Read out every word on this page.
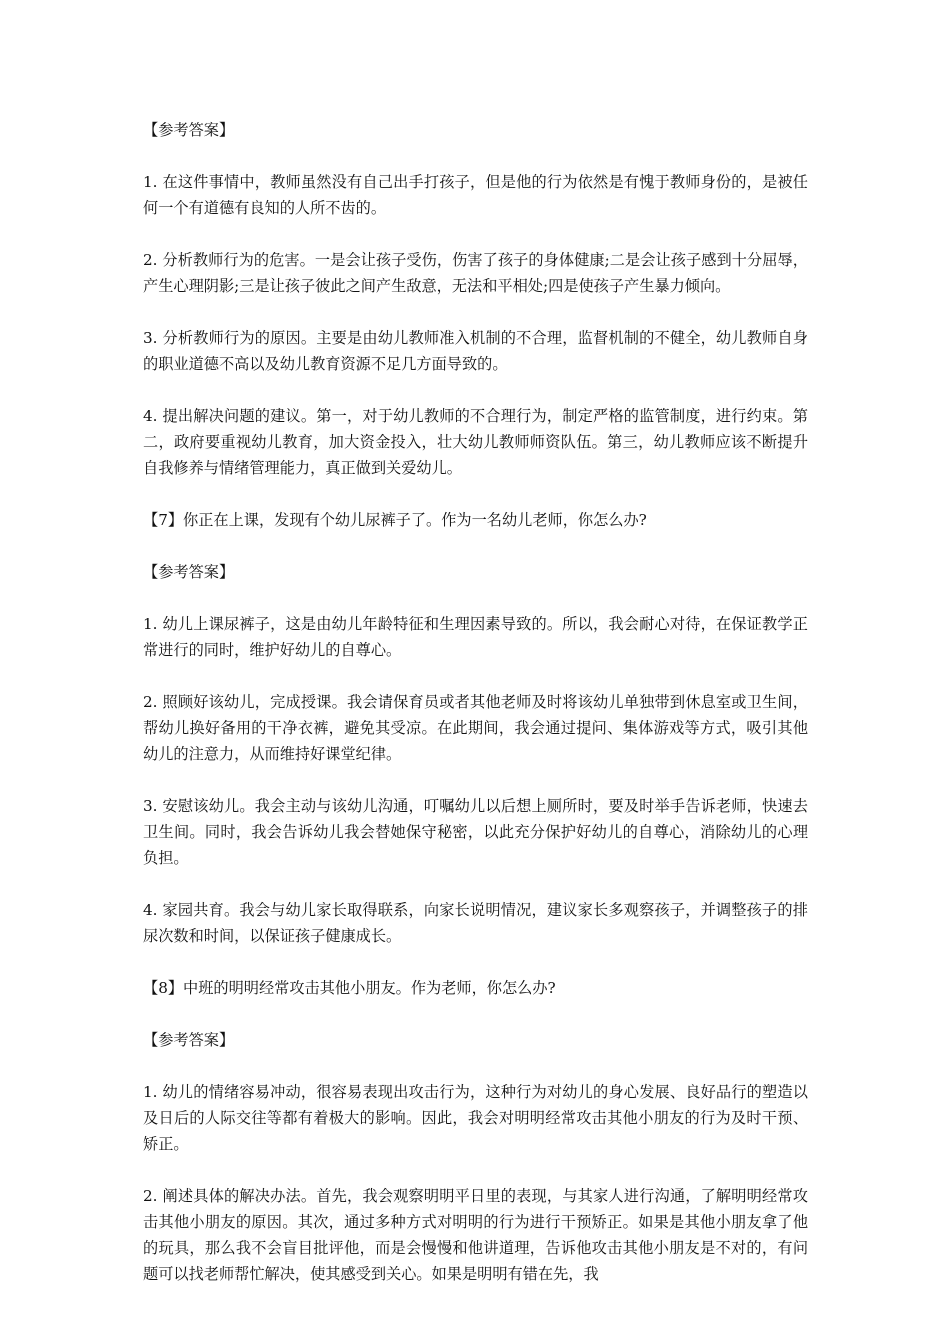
【参考答案】

1. 在这件事情中，教师虽然没有自己出手打孩子，但是他的行为依然是有愧于教师身份的，是被任何一个有道德有良知的人所不齿的。

2. 分析教师行为的危害。一是会让孩子受伤，伤害了孩子的身体健康;二是会让孩子感到十分屈辱，产生心理阴影;三是让孩子彼此之间产生敌意，无法和平相处;四是使孩子产生暴力倾向。

3. 分析教师行为的原因。主要是由幼儿教师准入机制的不合理，监督机制的不健全，幼儿教师自身的职业道德不高以及幼儿教育资源不足几方面导致的。

4. 提出解决问题的建议。第一，对于幼儿教师的不合理行为，制定严格的监管制度，进行约束。第二，政府要重视幼儿教育，加大资金投入，壮大幼儿教师师资队伍。第三，幼儿教师应该不断提升自我修养与情绪管理能力，真正做到关爱幼儿。

【7】你正在上课，发现有个幼儿尿裤子了。作为一名幼儿老师，你怎么办?

【参考答案】

1. 幼儿上课尿裤子，这是由幼儿年龄特征和生理因素导致的。所以，我会耐心对待，在保证教学正常进行的同时，维护好幼儿的自尊心。

2. 照顾好该幼儿，完成授课。我会请保育员或者其他老师及时将该幼儿单独带到休息室或卫生间，帮幼儿换好备用的干净衣裤，避免其受凉。在此期间，我会通过提问、集体游戏等方式，吸引其他幼儿的注意力，从而维持好课堂纪律。

3. 安慰该幼儿。我会主动与该幼儿沟通，叮嘱幼儿以后想上厕所时，要及时举手告诉老师，快速去卫生间。同时，我会告诉幼儿我会替她保守秘密，以此充分保护好幼儿的自尊心，消除幼儿的心理负担。

4. 家园共育。我会与幼儿家长取得联系，向家长说明情况，建议家长多观察孩子，并调整孩子的排尿次数和时间，以保证孩子健康成长。

【8】中班的明明经常攻击其他小朋友。作为老师，你怎么办?

【参考答案】

1. 幼儿的情绪容易冲动，很容易表现出攻击行为，这种行为对幼儿的身心发展、良好品行的塑造以及日后的人际交往等都有着极大的影响。因此，我会对明明经常攻击其他小朋友的行为及时干预、矫正。

2. 阐述具体的解决办法。首先，我会观察明明平日里的表现，与其家人进行沟通，了解明明经常攻击其他小朋友的原因。其次，通过多种方式对明明的行为进行干预矫正。如果是其他小朋友拿了他的玩具，那么我不会盲目批评他，而是会慢慢和他讲道理，告诉他攻击其他小朋友是不对的，有问题可以找老师帮忙解决，使其感受到关心。如果是明明有错在先，我
